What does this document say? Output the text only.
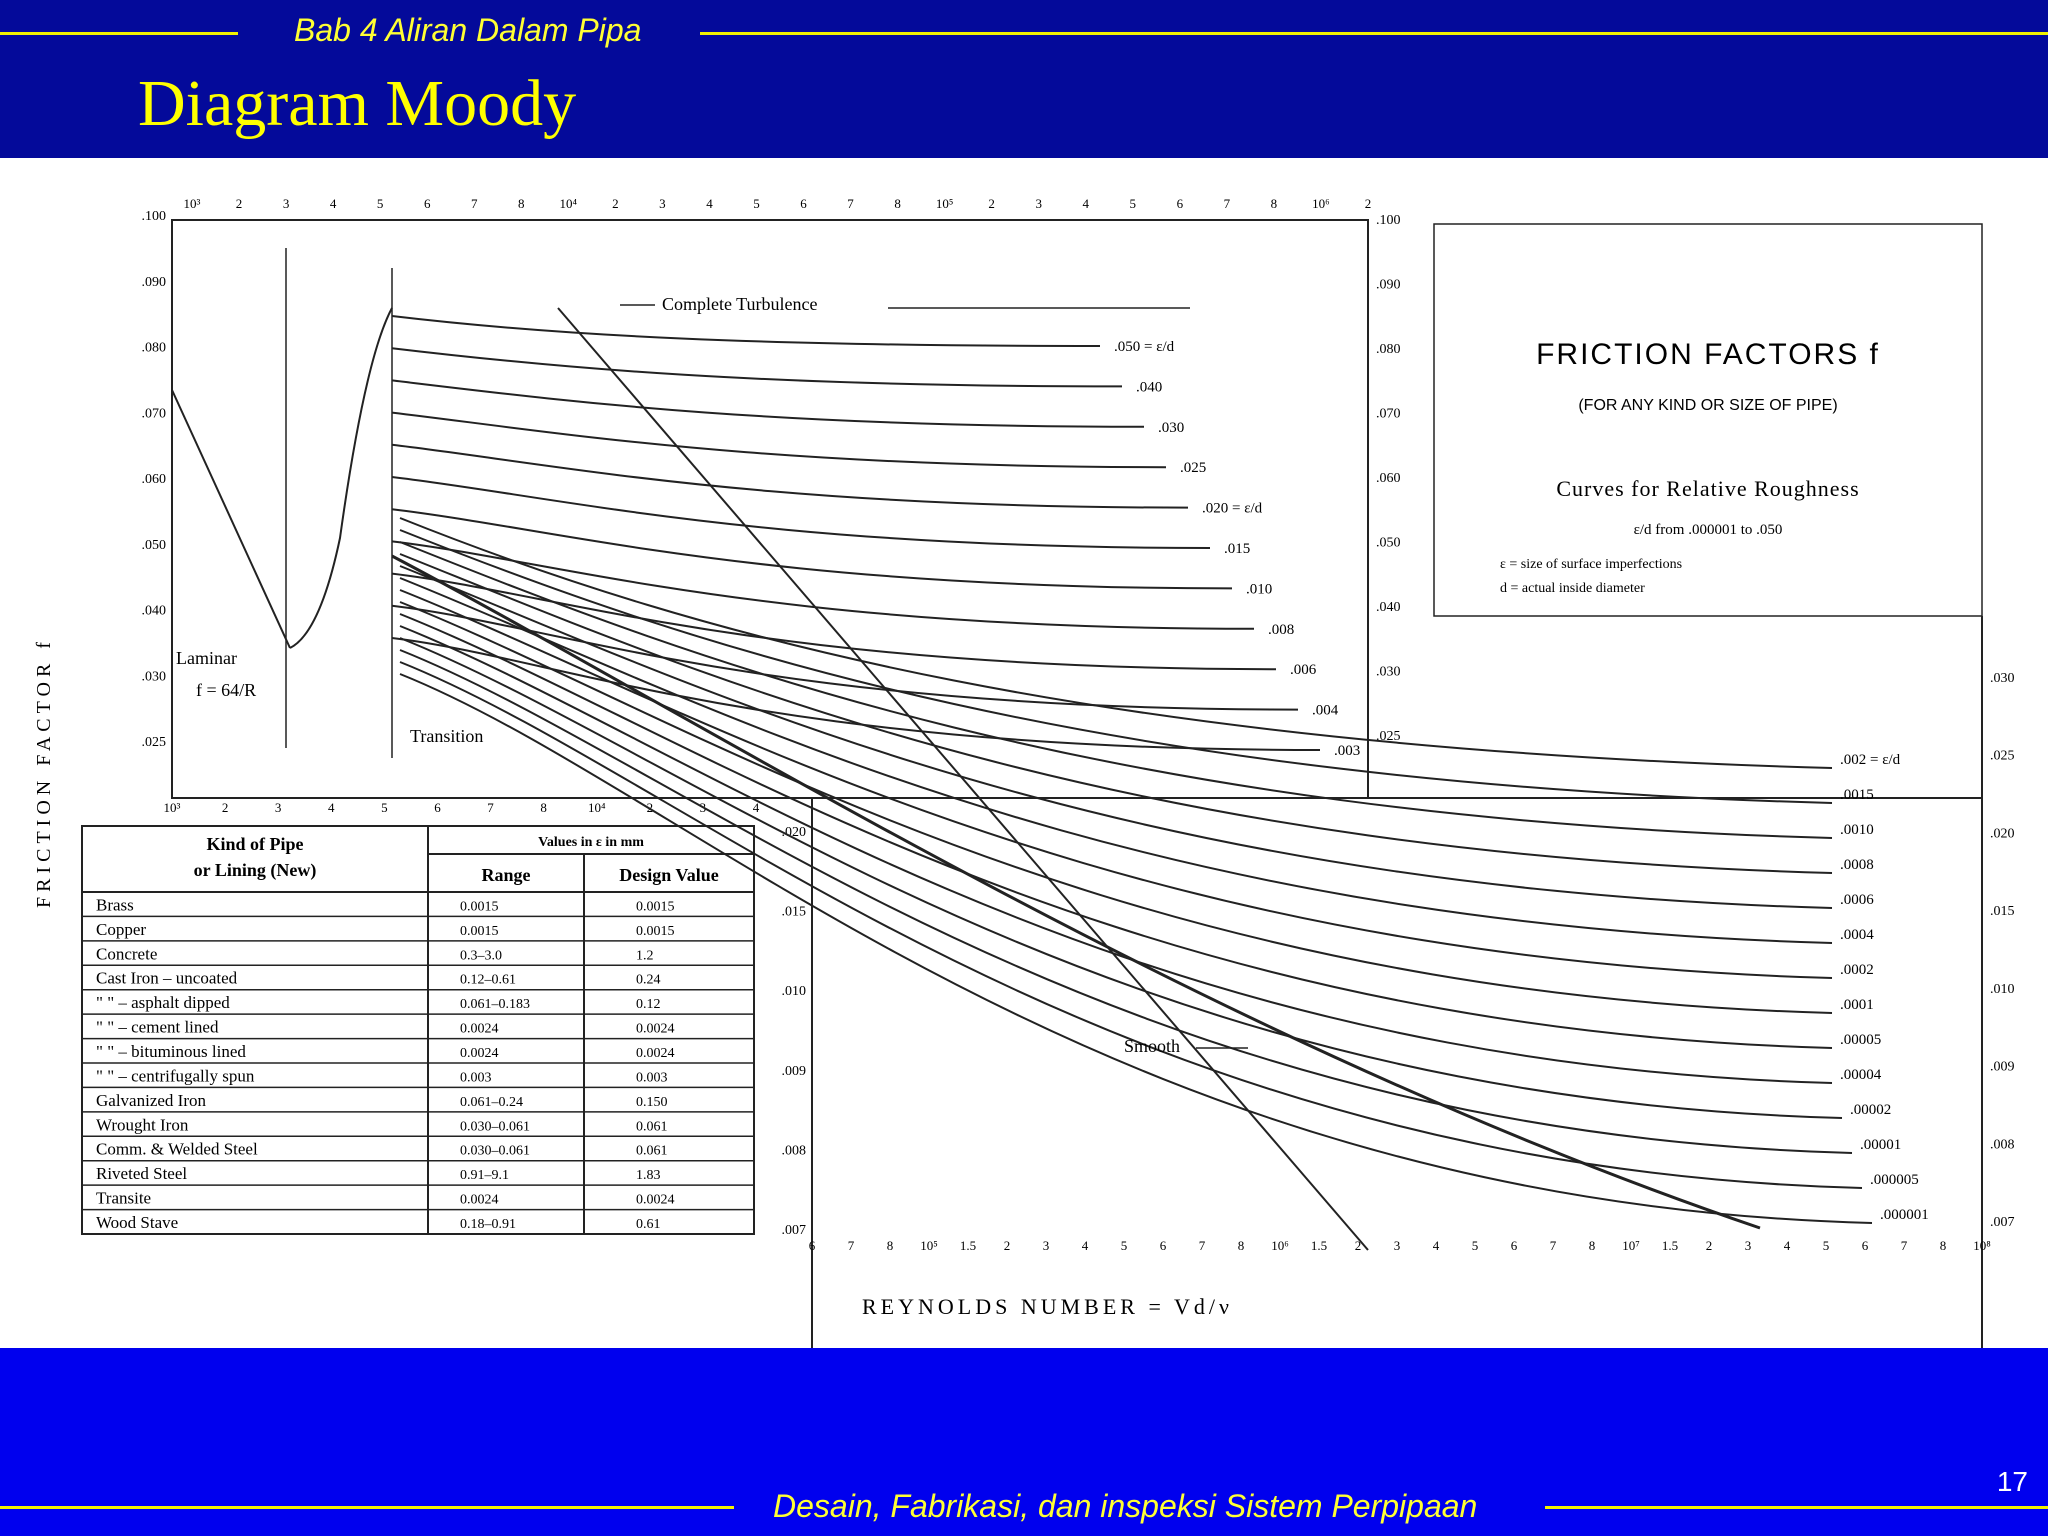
Bab 4 Aliran Dalam Pipa
Diagram Moody
.100
.090
.080
.070
.060
.050
.040
.030
.025
.100
.090
.080
.070
.060
.050
.040
.030
.025
.020
.015
.010
.009
.008
.007
.030
.025
.020
.015
.010
.009
.008
.007
10³	2	3	4	5	6	7	8	10⁴	2	3	4	5	6	7	8	10⁵	2	3	4	5	6	7	8	10⁶	2
10³	2	3	4	5	6	7	8	10⁴	2	3	4
6	7	8 10⁵ 1.5 2	3	4	5	6	7	8 10⁶ 1.5 2	3	4	5	6	7	8 10⁷ 1.5 2	3	4	5	6	7	8 10⁸
.050 = ε/d
.040
.030
.025
.020 = ε/d
.015
.010
.008
.006
.004
.003
.002 = ε/d
.0015
.0010
.0008
.0006
.0004
.0002
.0001
.00005
.00004
.00002
.00001
.000005
.000001
Complete Turbulence
Transition
Laminar
f = 64/R
Smooth
FRICTION FACTORS f
(FOR ANY KIND OR SIZE OF PIPE)
Curves for Relative Roughness
ε/d from .000001 to .050
ε = size of surface imperfections
d = actual inside diameter
FRICTION FACTOR f
REYNOLDS NUMBER = Vd/ν
Kind of Pipe
or Lining (New)
Values in ε in mm
Range	Design Value
Brass	0.0015	0.0015
Copper	0.0015	0.0015
Concrete	0.3–3.0	1.2
Cast Iron – uncoated	0.12–0.61	0.24
" " – asphalt dipped	0.061–0.183	0.12
" " – cement lined	0.0024	0.0024
" " – bituminous lined	0.0024	0.0024
" " – centrifugally spun	0.003	0.003
Galvanized Iron	0.061–0.24	0.150
Wrought Iron	0.030–0.061	0.061
Comm. & Welded Steel	0.030–0.061	0.061
Riveted Steel	0.91–9.1	1.83
Transite	0.0024	0.0024
Wood Stave	0.18–0.91	0.61
17
Desain, Fabrikasi, dan inspeksi Sistem Perpipaan
